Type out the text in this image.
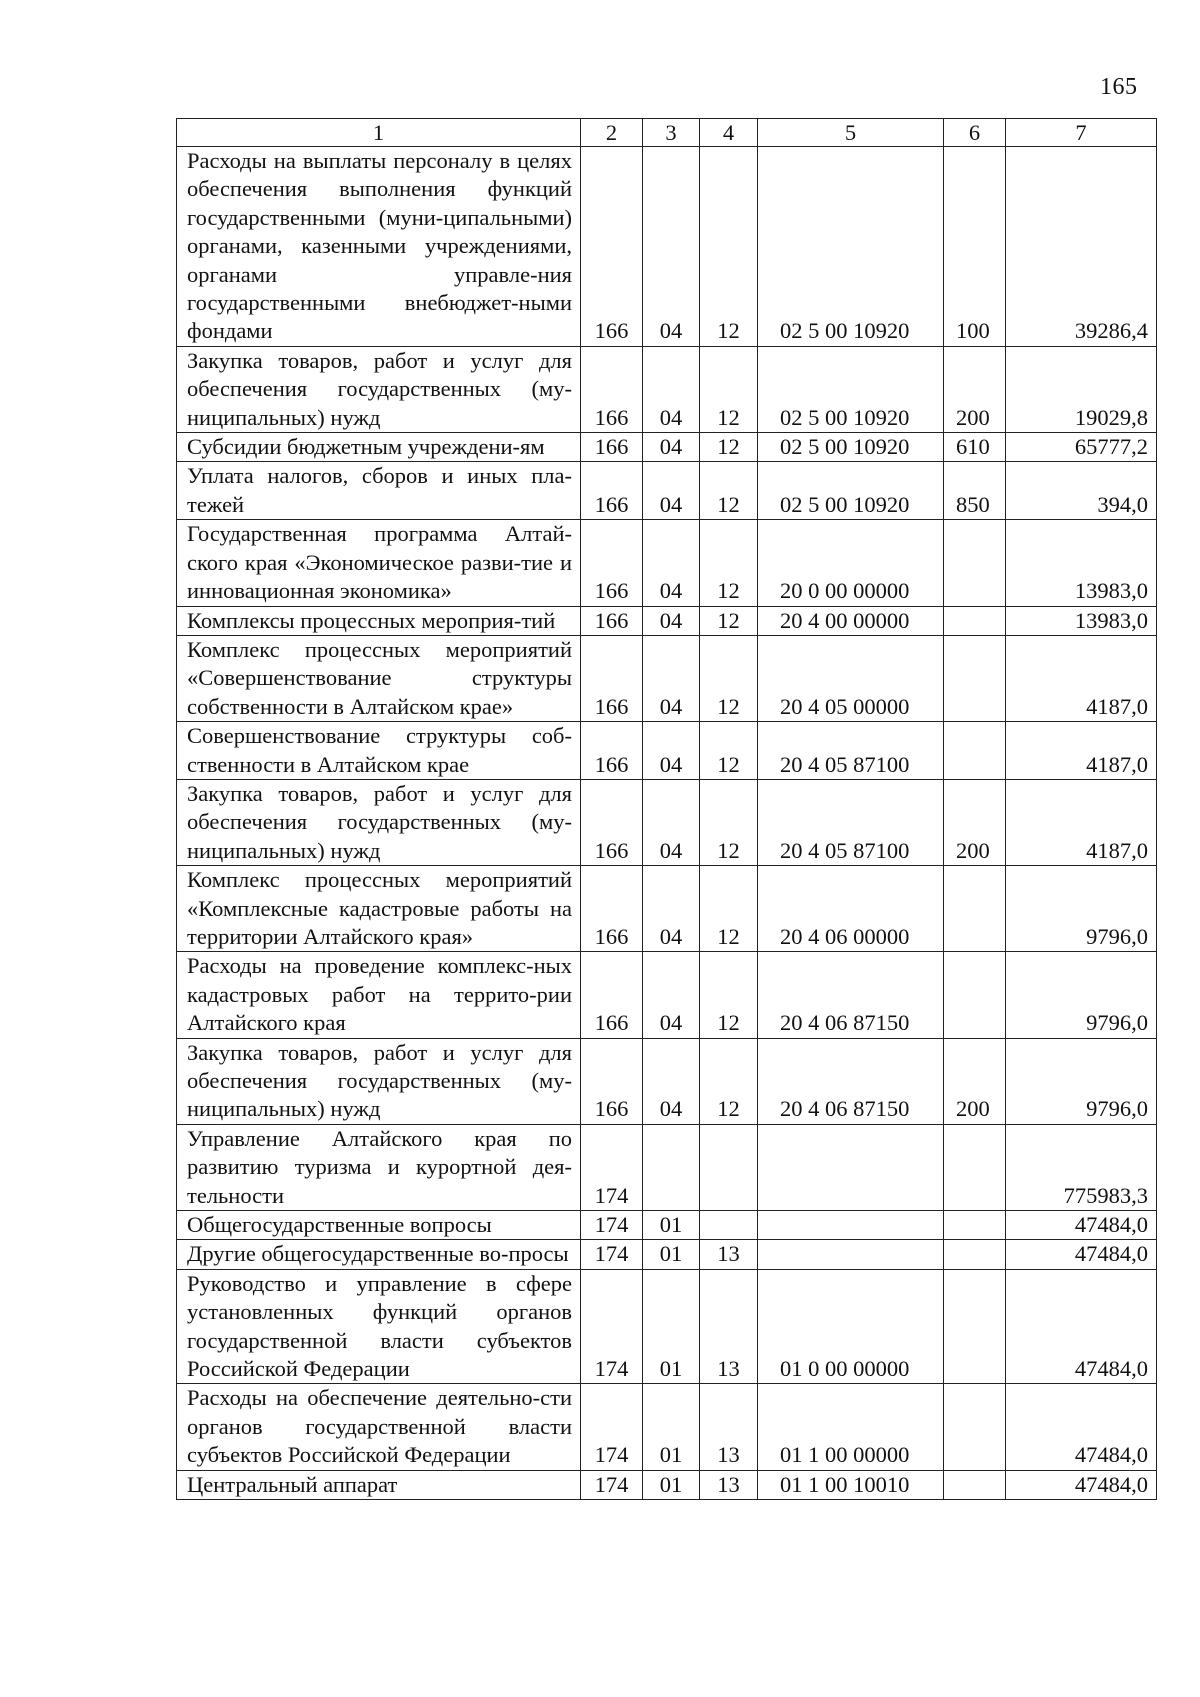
165
1	2	3	4	5	6	7
Расходы на выплаты персоналу в целях обеспечения выполнения функций государственными (муни-ципальными) органами, казенными учреждениями, органами управле-ния государственными внебюджет-ными фондами	166	04	12	02 5 00 10920	100	39286,4
Закупка товаров, работ и услуг для обеспечения государственных (му-ниципальных) нужд	166	04	12	02 5 00 10920	200	19029,8
Субсидии бюджетным учреждени-ям	166	04	12	02 5 00 10920	610	65777,2
Уплата налогов, сборов и иных пла-тежей	166	04	12	02 5 00 10920	850	394,0
Государственная программа Алтай-ского края «Экономическое разви-тие и инновационная экономика»	166	04	12	20 0 00 00000		13983,0
Комплексы процессных мероприя-тий	166	04	12	20 4 00 00000		13983,0
Комплекс процессных мероприятий «Совершенствование структуры собственности в Алтайском крае»	166	04	12	20 4 05 00000		4187,0
Совершенствование структуры соб-ственности в Алтайском крае	166	04	12	20 4 05 87100		4187,0
Закупка товаров, работ и услуг для обеспечения государственных (му-ниципальных) нужд	166	04	12	20 4 05 87100	200	4187,0
Комплекс процессных мероприятий «Комплексные кадастровые работы на территории Алтайского края»	166	04	12	20 4 06 00000		9796,0
Расходы на проведение комплекс-ных кадастровых работ на террито-рии Алтайского края	166	04	12	20 4 06 87150		9796,0
Закупка товаров, работ и услуг для обеспечения государственных (му-ниципальных) нужд	166	04	12	20 4 06 87150	200	9796,0
Управление Алтайского края по развитию туризма и курортной дея-тельности	174					775983,3
Общегосударственные вопросы	174	01				47484,0
Другие общегосударственные во-просы	174	01	13			47484,0
Руководство и управление в сфере установленных функций органов государственной власти субъектов Российской Федерации	174	01	13	01 0 00 00000		47484,0
Расходы на обеспечение деятельно-сти органов государственной власти субъектов Российской Федерации	174	01	13	01 1 00 00000		47484,0
Центральный аппарат	174	01	13	01 1 00 10010		47484,0
